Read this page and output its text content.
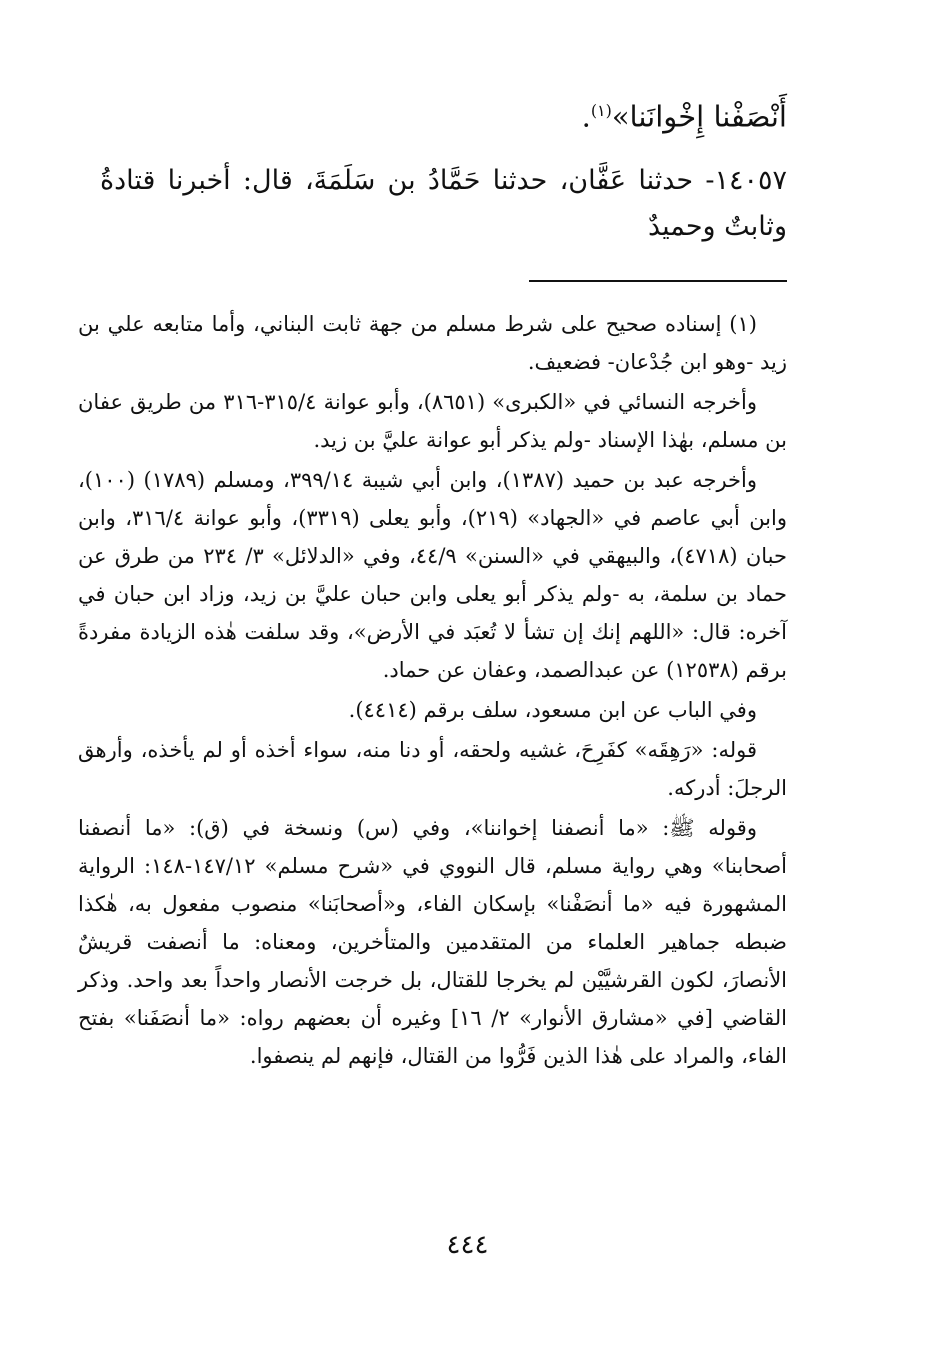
أَنْصَفْنا إِخْوانَنا»$^{(١)}$.
١٤٠٥٧- حدثنا عَفَّان، حدثنا حَمَّادُ بن سَلَمَةَ، قال: أخبرنا قتادةُ وثابتٌ وحميدٌ

(١) إسناده صحيح على شرط مسلم من جهة ثابت البناني، وأما متابعه علي بن زيد -وهو ابن جُدْعان- فضعيف.

وأخرجه النسائي في «الكبرى» (٨٦٥١)، وأبو عوانة ٣١٥/٤-٣١٦ من طريق عفان بن مسلم، بهٰذا الإسناد -ولم يذكر أبو عوانة عليَّ بن زيد.

وأخرجه عبد بن حميد (١٣٨٧)، وابن أبي شيبة ٣٩٩/١٤، ومسلم (١٧٨٩) (١٠٠)، وابن أبي عاصم في «الجهاد» (٢١٩)، وأبو يعلى (٣٣١٩)، وأبو عوانة ٣١٦/٤، وابن حبان (٤٧١٨)، والبيهقي في «السنن» ٤٤/٩، وفي «الدلائل» ٣/ ٢٣٤ من طرق عن حماد بن سلمة، به -ولم يذكر أبو يعلى وابن حبان عليَّ بن زيد، وزاد ابن حبان في آخره: قال: «اللهم إنك إن تشأ لا تُعبَد في الأرض»، وقد سلفت هٰذه الزيادة مفردةً برقم (١٢٥٣٨) عن عبدالصمد، وعفان عن حماد.

وفي الباب عن ابن مسعود، سلف برقم (٤٤١٤).

قوله: «رَهِقَه» كفَرِحَ، غشيه ولحقه، أو دنا منه، سواء أخذه أو لم يأخذه، وأرهق الرجلَ: أدركه.

وقوله ﷺ: «ما أنصفنا إخواننا»، وفي (س) ونسخة في (ق): «ما أنصفنا أصحابنا» وهي رواية مسلم، قال النووي في «شرح مسلم» ١٤٧/١٢-١٤٨: الرواية المشهورة فيه «ما أنصَفْنا» بإسكان الفاء، و«أصحابَنا» منصوب مفعول به، هٰكذا ضبطه جماهير العلماء من المتقدمين والمتأخرين، ومعناه: ما أنصفت قريشٌ الأنصارَ، لكون القرشيَّيْن لم يخرجا للقتال، بل خرجت الأنصار واحداً بعد واحد. وذكر القاضي [في «مشارق الأنوار» ٢/ ١٦] وغيره أن بعضهم رواه: «ما أنصَفَنا» بفتح الفاء، والمراد على هٰذا الذين فَرُّوا من القتال، فإنهم لم ينصفوا.

٤٤٤
